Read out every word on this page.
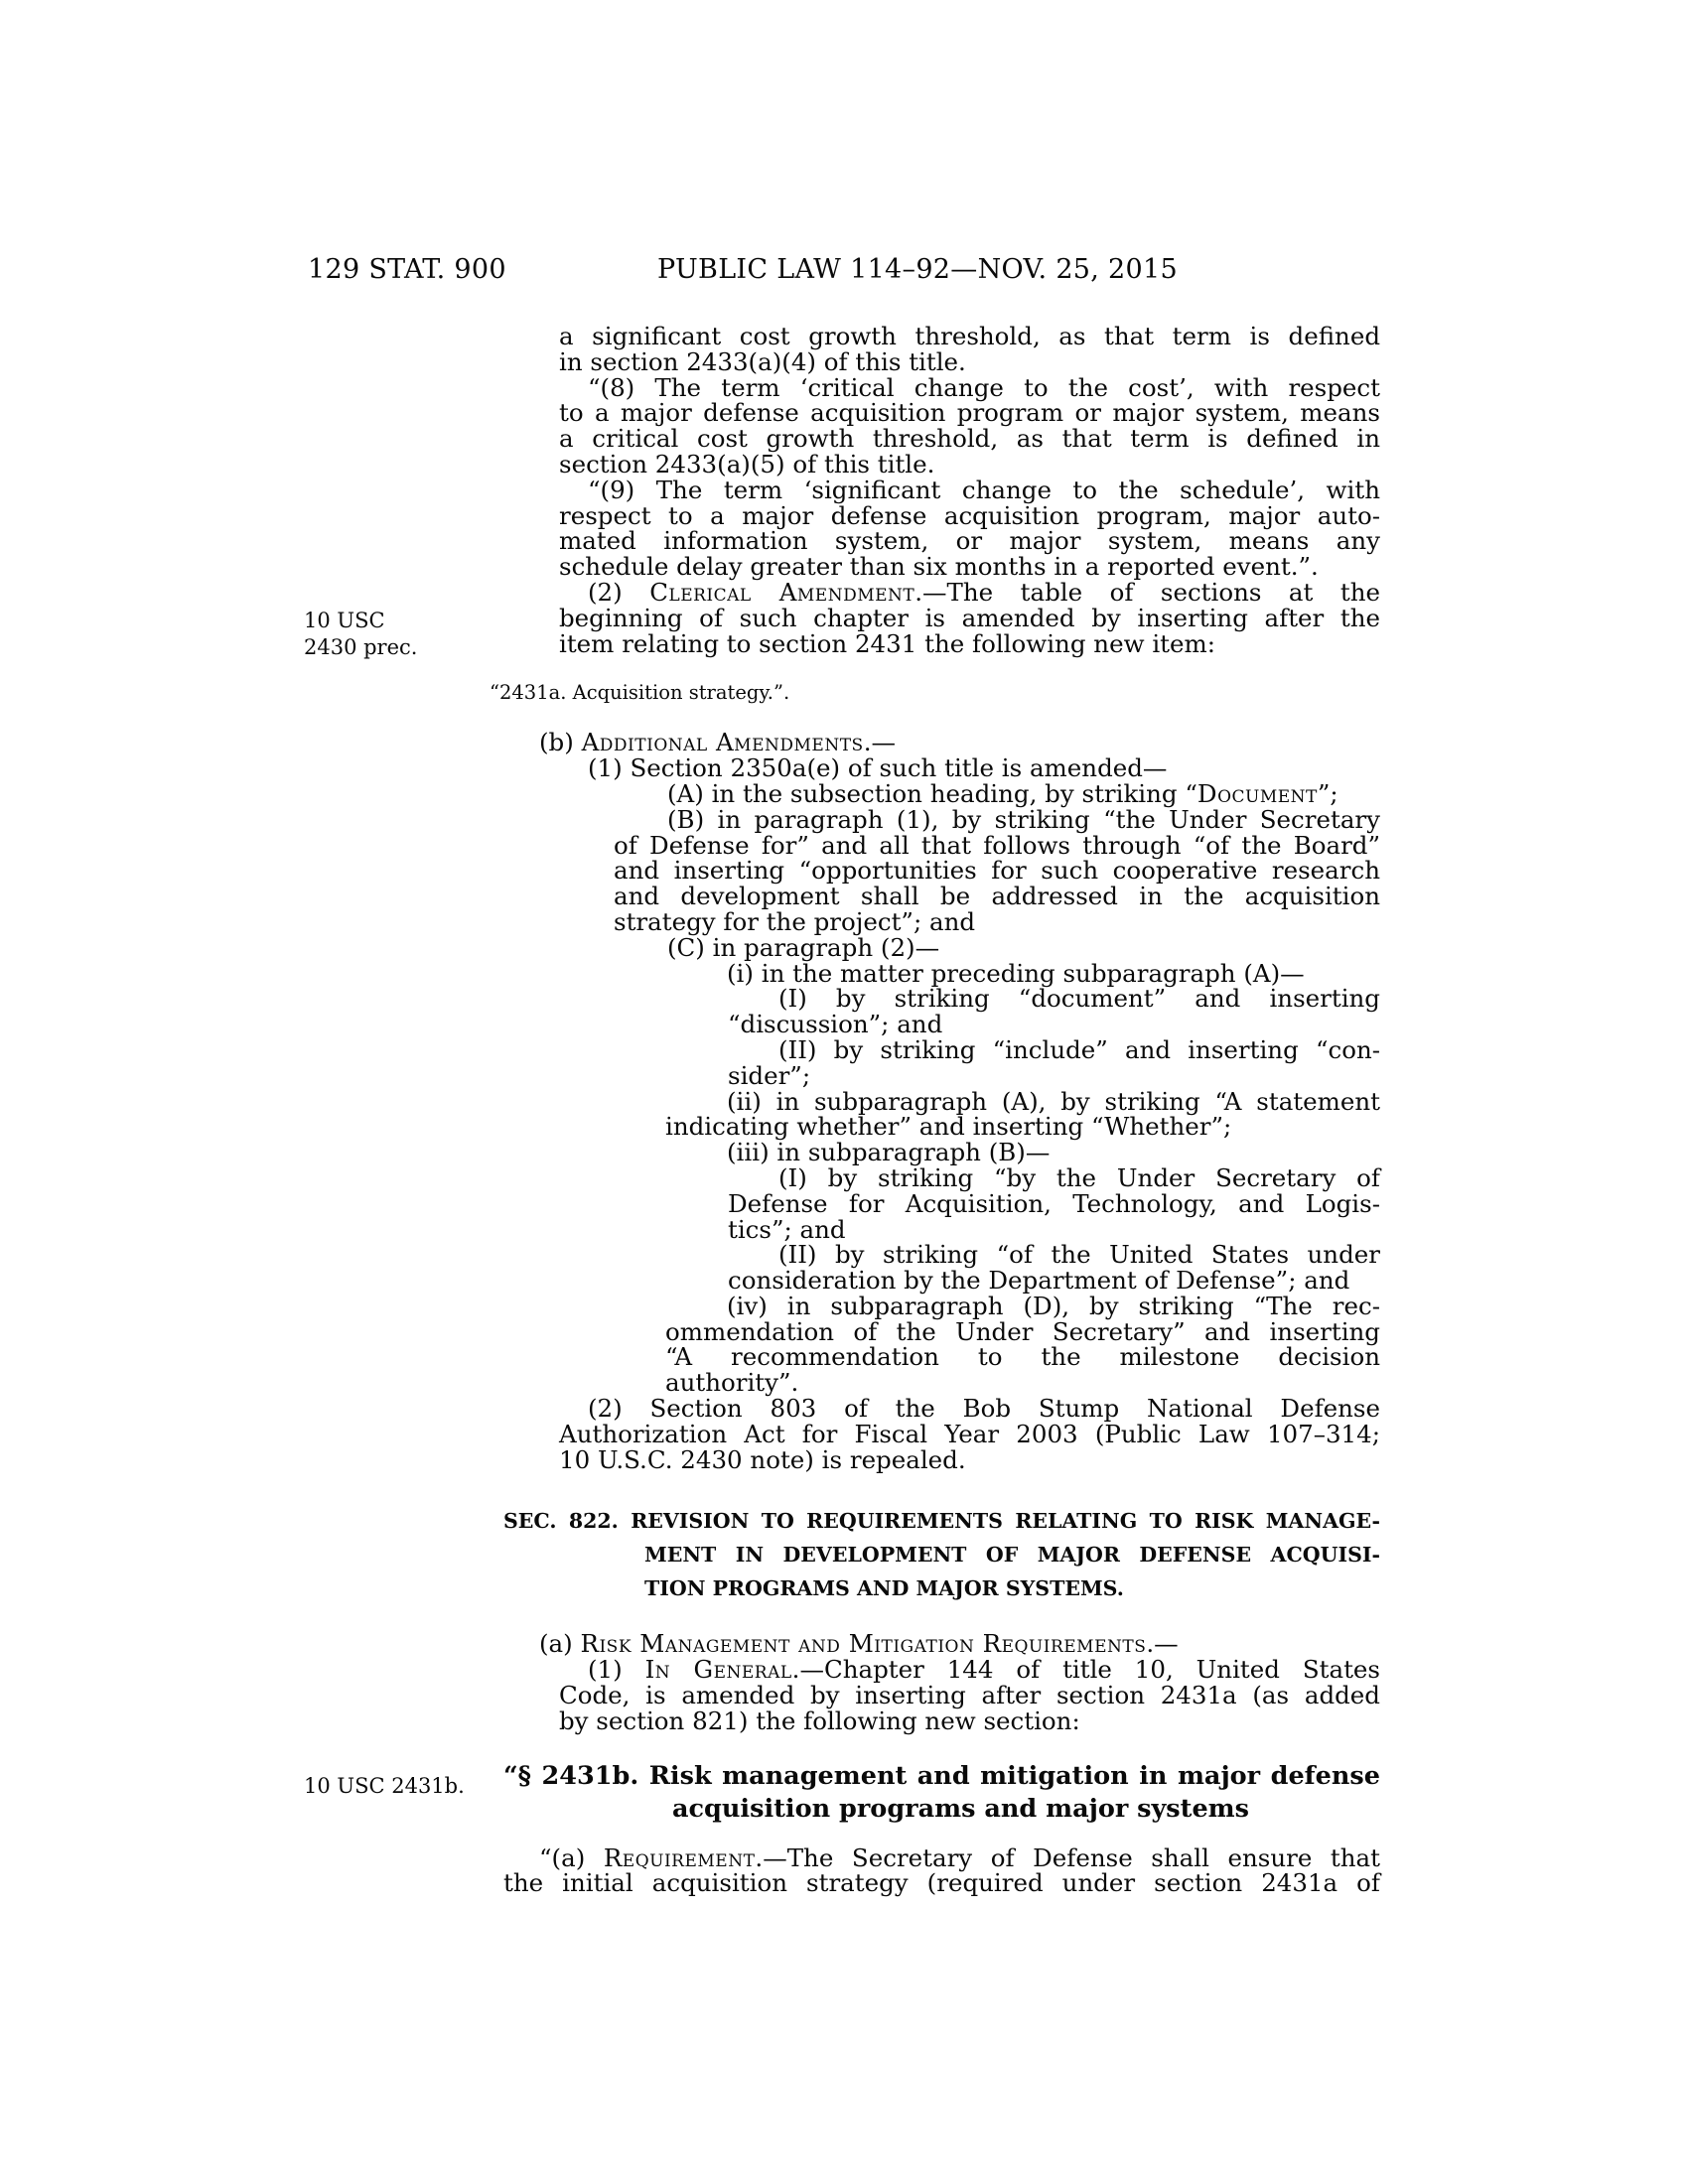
129 STAT. 900	PUBLIC LAW 114–92—NOV. 25, 2015
10 USC
2430 prec.
10 USC 2431b.
a significant cost growth threshold, as that term is defined
in section 2433(a)(4) of this title.
“(8) The term ‘critical change to the cost’, with respect
to a major defense acquisition program or major system, means
a critical cost growth threshold, as that term is defined in
section 2433(a)(5) of this title.
“(9) The term ‘significant change to the schedule’, with
respect to a major defense acquisition program, major auto-
mated information system, or major system, means any
schedule delay greater than six months in a reported event.”.
(2) Clerical Amendment.—The table of sections at the
beginning of such chapter is amended by inserting after the
item relating to section 2431 the following new item:
“2431a. Acquisition strategy.”.
(b) Additional Amendments.—
(1) Section 2350a(e) of such title is amended—
(A) in the subsection heading, by striking “Document”;
(B) in paragraph (1), by striking “the Under Secretary
of Defense for” and all that follows through “of the Board”
and inserting “opportunities for such cooperative research
and development shall be addressed in the acquisition
strategy for the project”; and
(C) in paragraph (2)—
(i) in the matter preceding subparagraph (A)—
(I) by striking “document” and inserting
“discussion”; and
(II) by striking “include” and inserting “con-
sider”;
(ii) in subparagraph (A), by striking “A statement
indicating whether” and inserting “Whether”;
(iii) in subparagraph (B)—
(I) by striking “by the Under Secretary of
Defense for Acquisition, Technology, and Logis-
tics”; and
(II) by striking “of the United States under
consideration by the Department of Defense”; and
(iv) in subparagraph (D), by striking “The rec-
ommendation of the Under Secretary” and inserting
“A recommendation to the milestone decision
authority”.
(2) Section 803 of the Bob Stump National Defense
Authorization Act for Fiscal Year 2003 (Public Law 107–314;
10 U.S.C. 2430 note) is repealed.
SEC. 822. REVISION TO REQUIREMENTS RELATING TO RISK MANAGE-
MENT IN DEVELOPMENT OF MAJOR DEFENSE ACQUISI-
TION PROGRAMS AND MAJOR SYSTEMS.
(a) Risk Management and Mitigation Requirements.—
(1) In General.—Chapter 144 of title 10, United States
Code, is amended by inserting after section 2431a (as added
by section 821) the following new section:
“§ 2431b. Risk management and mitigation in major defense
acquisition programs and major systems
“(a) Requirement.—The Secretary of Defense shall ensure that
the initial acquisition strategy (required under section 2431a of
